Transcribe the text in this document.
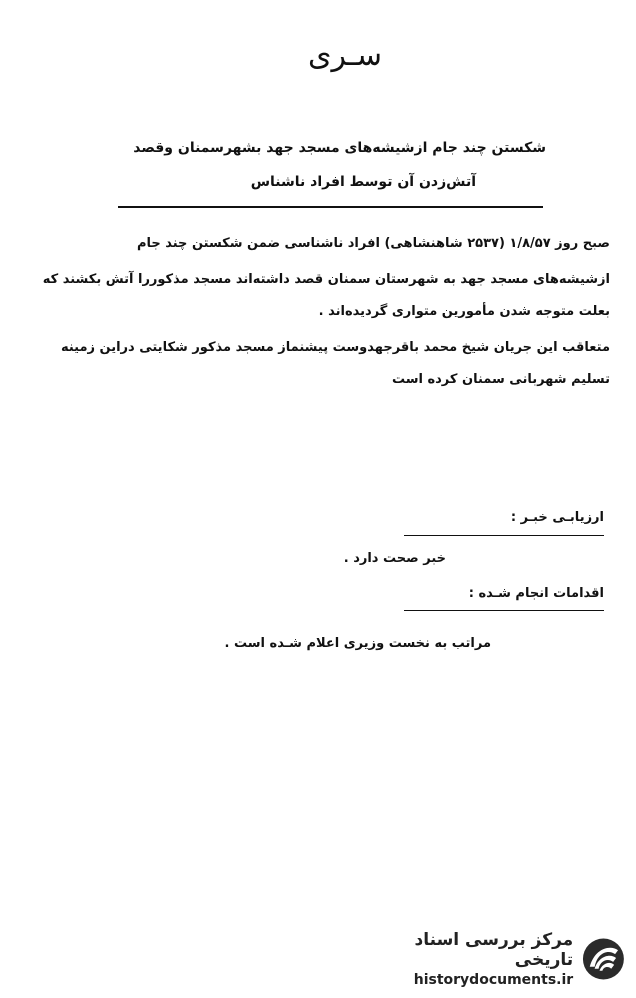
سـری
شکستن چند جام ازشیشه‌های مسجد جهد بشهرسمنان وقصد
آتش‌زدن آن توسط افراد ناشناس
صبح روز ۱/۸/۵۷ (۲۵۳۷ شاهنشاهی) افراد ناشناسی ضمن شکستن چند جام
ازشیشه‌های مسجد جهد به شهرستان سمنان قصد داشته‌اند مسجد مذکوررا آتش بکشند که
بعلت متوجه شدن مأمورین متواری گردیده‌اند .
متعاقب این جریان شیخ محمد باقرجهدوست پیشنماز مسجد مذکور شکایتی دراین زمینه
تسلیم شهربانی سمنان کرده است
ارزیابـی خبـر :
خبر صحت دارد .
اقدامات انجام شـده :
مراتب به نخست وزیری اعلام شـده است .
مرکز بررسی اسناد تاریخی
historydocuments.ir
